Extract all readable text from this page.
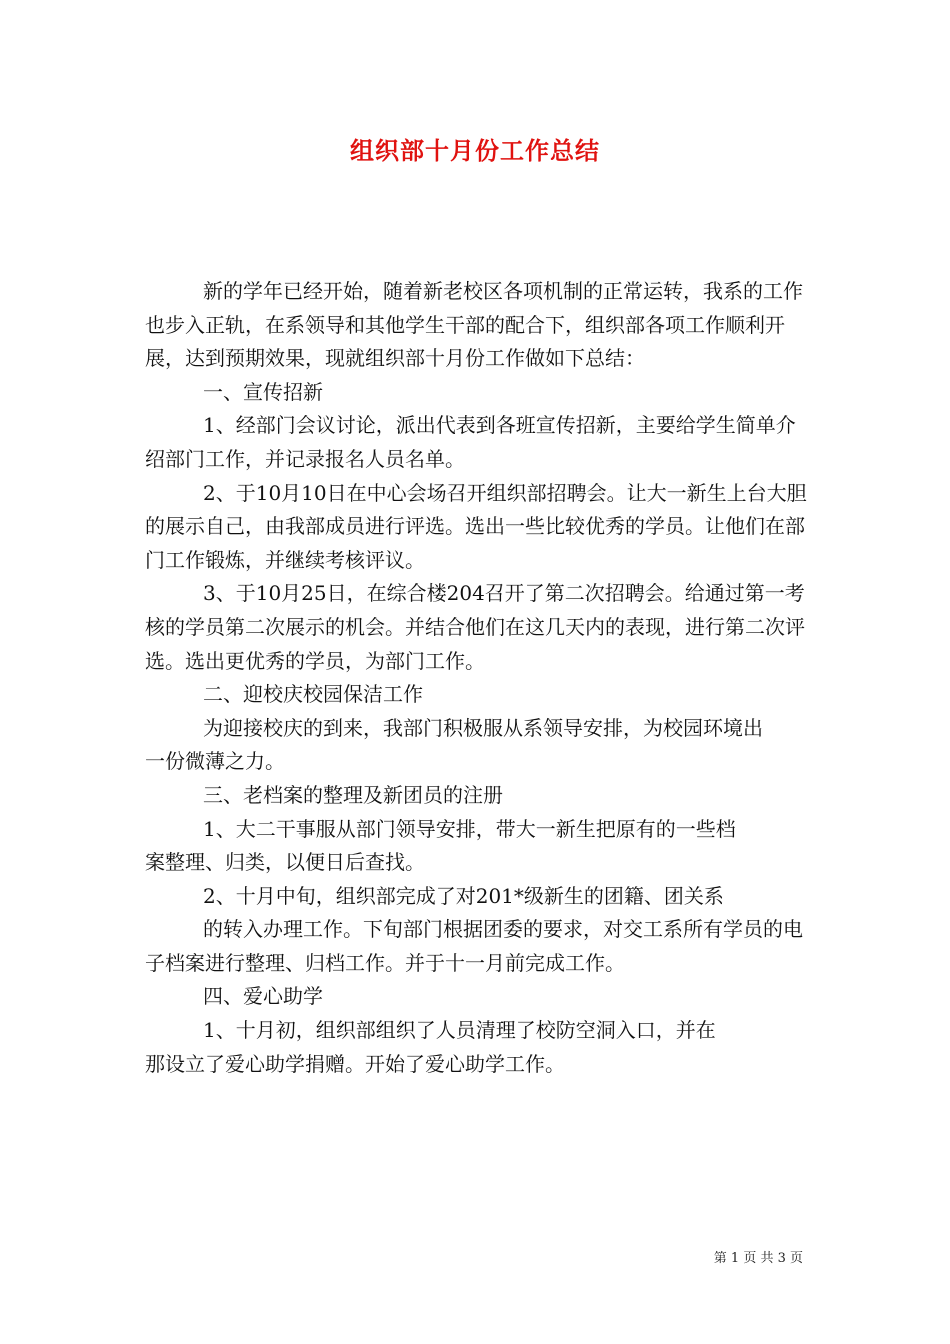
组织部十月份工作总结

新的学年已经开始，随着新老校区各项机制的正常运转，我系的工作也步入正轨，在系领导和其他学生干部的配合下，组织部各项工作顺利开展，达到预期效果，现就组织部十月份工作做如下总结：

一、宣传招新

1、经部门会议讨论，派出代表到各班宣传招新，主要给学生简单介绍部门工作，并记录报名人员名单。

2、于10月10日在中心会场召开组织部招聘会。让大一新生上台大胆的展示自己，由我部成员进行评选。选出一些比较优秀的学员。让他们在部门工作锻炼，并继续考核评议。

3、于10月25日，在综合楼204召开了第二次招聘会。给通过第一考核的学员第二次展示的机会。并结合他们在这几天内的表现，进行第二次评选。选出更优秀的学员，为部门工作。

二、迎校庆校园保洁工作

为迎接校庆的到来，我部门积极服从系领导安排，为校园环境出

一份微薄之力。

三、老档案的整理及新团员的注册

1、大二干事服从部门领导安排，带大一新生把原有的一些档

案整理、归类，以便日后查找。

2、十月中旬，组织部完成了对201*级新生的团籍、团关系

的转入办理工作。下旬部门根据团委的要求，对交工系所有学员的电子档案进行整理、归档工作。并于十一月前完成工作。

四、爱心助学

1、十月初，组织部组织了人员清理了校防空洞入口，并在

那设立了爱心助学捐赠。开始了爱心助学工作。

第 1 页 共 3 页
